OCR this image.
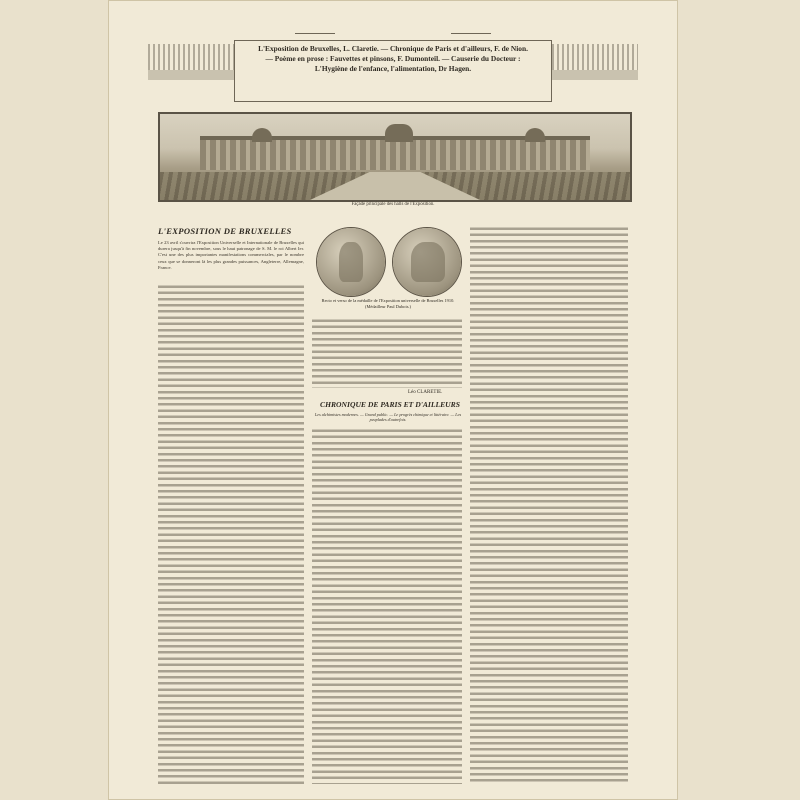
L'Exposition de Bruxelles, L. Claretie. — Chronique de Paris et d'ailleurs, F. de Nion.
— Poème en prose : Fauvettes et pinsons, F. Dumonteil. — Causerie du Docteur :
L'Hygiène de l'enfance, l'alimentation, Dr Hagen.
Façade principale des halls de l'Exposition.
L'EXPOSITION DE BRUXELLES
Le 23 avril s'ouvrira l'Exposition Universelle et Internationale de Bruxelles qui durera jusqu'à fin novembre, sous le haut patronage de S. M. le roi Albert Ier. C'est une des plus importantes manifestations commerciales, par le nombre ceux que se donneront là les plus grandes puissances, Angleterre, Allemagne, France.
Recto et verso de la médaille de l'Exposition universelle de Bruxelles 1910. (Médailleur Paul Dubois.)
Léo CLARETIE.
CHRONIQUE DE PARIS ET D'AILLEURS
Les alchimistes modernes. — Grand public. — Le progrès chimique et littéraire. — Les peuplades d'autrefois.
